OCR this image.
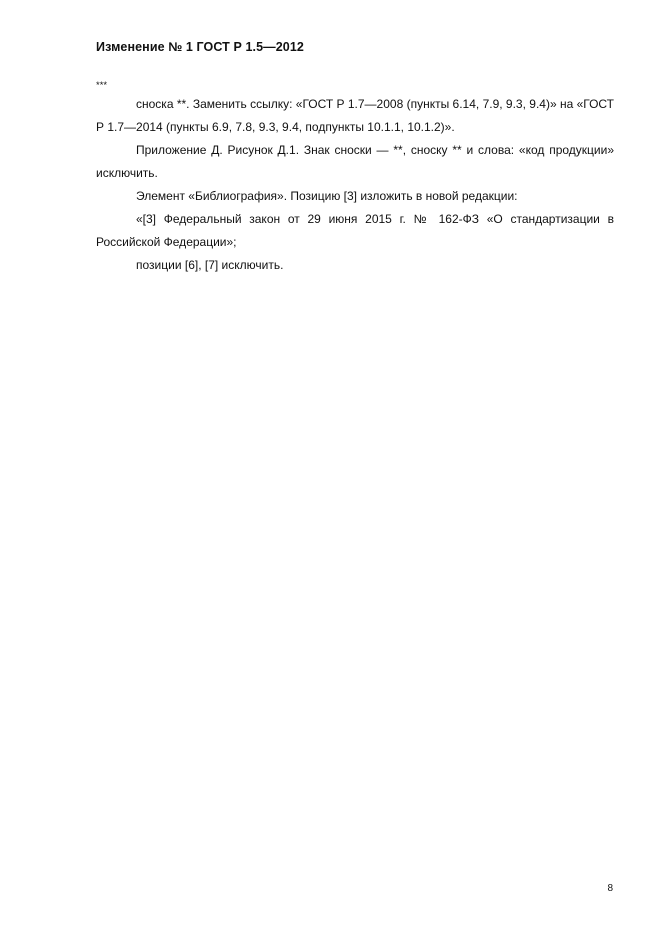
Изменение № 1 ГОСТ Р 1.5—2012
***

сноска **. Заменить ссылку: «ГОСТ Р 1.7—2008 (пункты 6.14, 7.9, 9.3, 9.4)» на «ГОСТ Р 1.7—2014 (пункты 6.9, 7.8, 9.3, 9.4, подпункты 10.1.1, 10.1.2)».

Приложение Д. Рисунок Д.1. Знак сноски — **, сноску ** и слова: «код продукции» исключить.

Элемент «Библиография». Позицию [3] изложить в новой редакции:

«[3] Федеральный закон от 29 июня 2015 г. № 162-ФЗ «О стандартизации в Российской Федерации»;

позиции [6], [7] исключить.

8
